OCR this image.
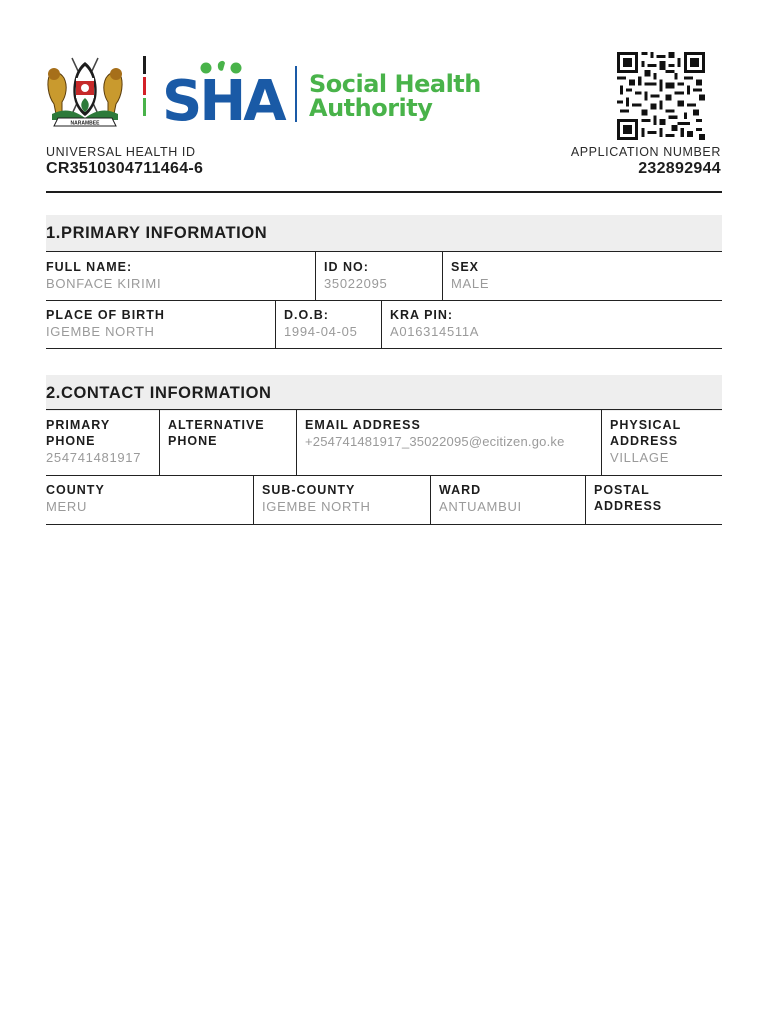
NARAMBEE SHA Social Health
Authority
UNIVERSAL HEALTH ID
CR3510304711464-6
APPLICATION NUMBER
232892944
1.PRIMARY INFORMATION
FULL NAME:
BONFACE KIRIMI
ID NO:
35022095
SEX
MALE
PLACE OF BIRTH
IGEMBE NORTH
D.O.B:
1994-04-05
KRA PIN:
A016314511A
2.CONTACT INFORMATION
PRIMARY
PHONE
254741481917
ALTERNATIVE
PHONE
EMAIL ADDRESS
+254741481917_35022095@ecitizen.go.ke
PHYSICAL
ADDRESS
VILLAGE
COUNTY
MERU
SUB-COUNTY
IGEMBE NORTH
WARD
ANTUAMBUI
POSTAL
ADDRESS
